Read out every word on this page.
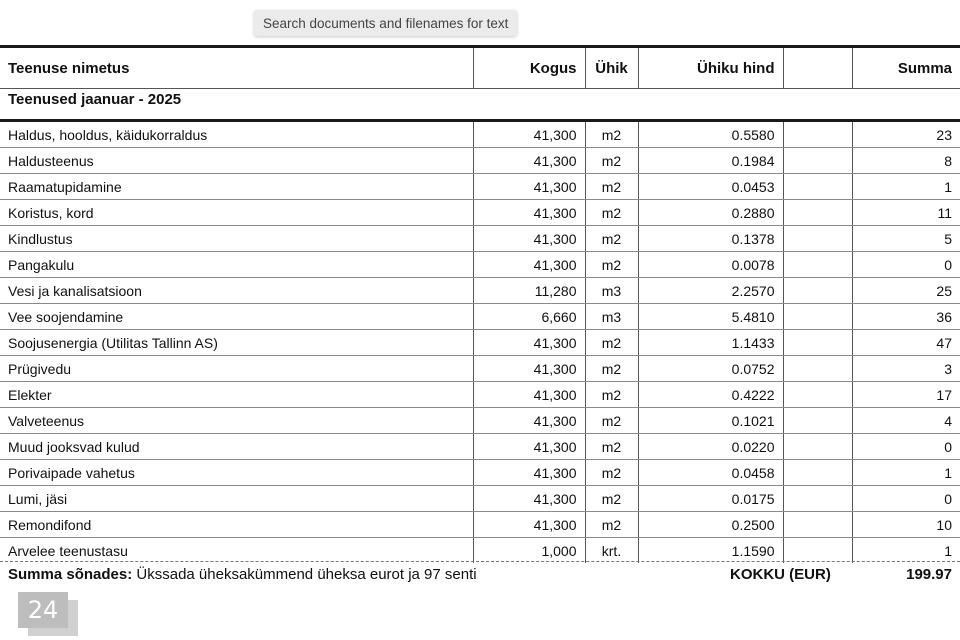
Teenuse nimetus	Kogus	Ühik	Ühiku hind		Summa
Teenused jaanuar - 2025					
Haldus, hooldus, käidukorraldus	41,300	m2	0.5580		23
Haldusteenus	41,300	m2	0.1984		8
Raamatupidamine	41,300	m2	0.0453		1
Koristus, kord	41,300	m2	0.2880		11
Kindlustus	41,300	m2	0.1378		5
Pangakulu	41,300	m2	0.0078		0
Vesi ja kanalisatsioon	11,280	m3	2.2570		25
Vee soojendamine	6,660	m3	5.4810		36
Soojusenergia (Utilitas Tallinn AS)	41,300	m2	1.1433		47
Prügivedu	41,300	m2	0.0752		3
Elekter	41,300	m2	0.4222		17
Valveteenus	41,300	m2	0.1021		4
Muud jooksvad kulud	41,300	m2	0.0220		0
Porivaipade vahetus	41,300	m2	0.0458		1
Lumi, jäsi	41,300	m2	0.0175		0
Remondifond	41,300	m2	0.2500		10
Arvelee teenustasu	1,000	krt.	1.1590		1
Summa sõnades: Ükssada üheksakümmend üheksa eurot ja 97 senti	KOKKU (EUR)	199.97
Search documents and filenames for text
24
